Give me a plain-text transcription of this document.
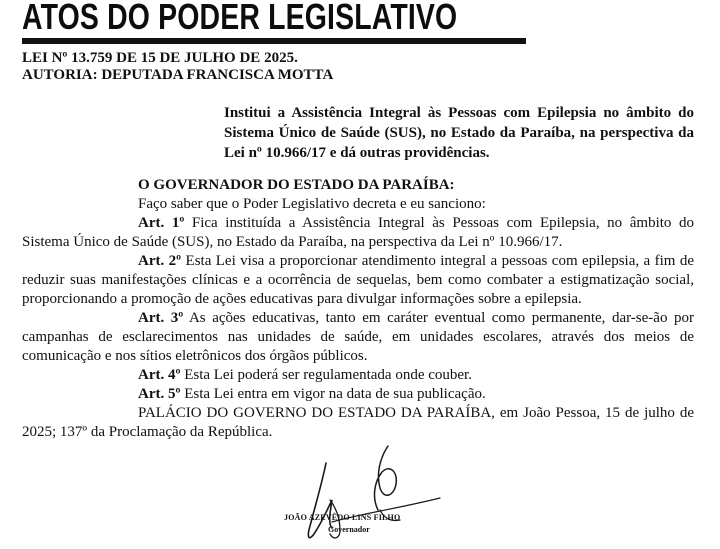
ATOS DO PODER LEGISLATIVO
LEI Nº 13.759 DE 15 DE JULHO DE 2025.
AUTORIA: DEPUTADA FRANCISCA MOTTA
Institui a Assistência Integral às Pessoas com Epilepsia no âmbito do Sistema Único de Saúde (SUS), no Estado da Paraíba, na perspectiva da Lei nº 10.966/17 e dá outras providências.

O GOVERNADOR DO ESTADO DA PARAÍBA:

Faço saber que o Poder Legislativo decreta e eu sanciono:

Art. 1º Fica instituída a Assistência Integral às Pessoas com Epilepsia, no âmbito do Sistema Único de Saúde (SUS), no Estado da Paraíba, na perspectiva da Lei nº 10.966/17.

Art. 2º Esta Lei visa a proporcionar atendimento integral a pessoas com epilepsia, a fim de reduzir suas manifestações clínicas e a ocorrência de sequelas, bem como combater a estigmatização social, proporcionando a promoção de ações educativas para divulgar informações sobre a epilepsia.

Art. 3º As ações educativas, tanto em caráter eventual como permanente, dar-se-ão por campanhas de esclarecimentos nas unidades de saúde, em unidades escolares, através dos meios de comunicação e nos sítios eletrônicos dos órgãos públicos.

Art. 4º Esta Lei poderá ser regulamentada onde couber.

Art. 5º Esta Lei entra em vigor na data de sua publicação.

PALÁCIO DO GOVERNO DO ESTADO DA PARAÍBA, em João Pessoa, 15 de julho de 2025; 137º da Proclamação da República.

JOÃO AZEVÊDO LINS FILHO
Governador
